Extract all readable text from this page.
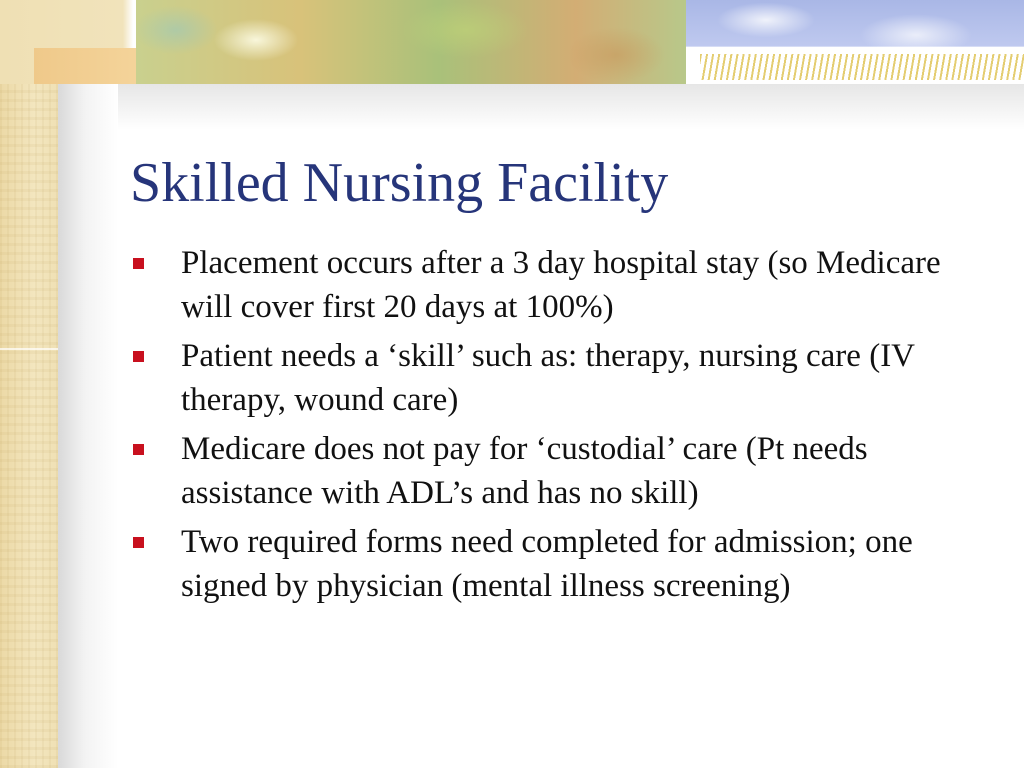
Skilled Nursing Facility
Placement occurs after a 3 day hospital stay (so Medicare will cover first 20 days at 100%)
Patient needs a ‘skill’ such as: therapy, nursing care (IV therapy, wound care)
Medicare does not pay for ‘custodial’ care (Pt needs assistance with ADL’s and has no skill)
Two required forms need completed for admission; one signed by physician (mental illness screening)
